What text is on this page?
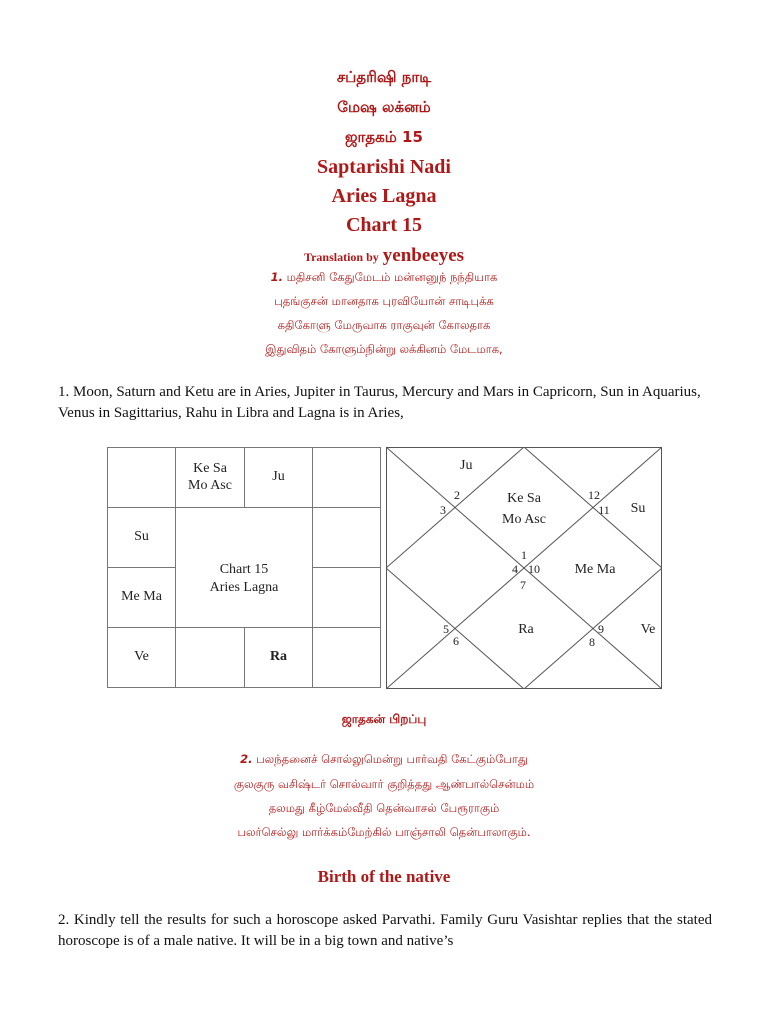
சப்தரிஷி நாடி
மேஷ லக்னம்
ஜாதகம் 15
Saptarishi Nadi
Aries Lagna
Chart 15
Translation by yenbeeyes
1. மதிசனி கேதுமேடம் மன்னனுந் நந்தியாக
புதங்குசன் மானதாக புரவியோன் சாடிபுக்க
கதிகோளு மேருவாக ராகுவுன் கோலதாக
இதுவிதம் கோளும்நின்று லக்கினம் மேடமாக,
1. Moon, Saturn and Ketu are in Aries, Jupiter in Taurus, Mercury and Mars in Capricorn, Sun in Aquarius, Venus in Sagittarius, Rahu in Libra and Lagna is in Aries,
Ke Sa
Mo Asc
Ju
Su
Me Ma
Ve	Ra
Chart 15
Aries Lagna
Ju
Ke Sa
Mo Asc
Su
Me Ma
Ra	Ve
1
2
3
4
5
6
7
8
9
10
11
12
ஜாதகன் பிறப்பு
2. பலந்தனைச் சொல்லுமென்று பார்வதி கேட்கும்போது
குலகுரு வசிஷ்டர் சொல்வார் குறித்தது ஆண்பால்சென்மம்
தலமது கீழ்மேல்வீதி தென்வாசல் பேரூராகும்
பலர்செல்லு மார்க்கம்மேற்கில் பாஞ்சாலி தென்பாலாகும்.
Birth of the native
2. Kindly tell the results for such a horoscope asked Parvathi. Family Guru Vasishtar replies that the stated horoscope is of a male native. It will be in a big town and native’s
